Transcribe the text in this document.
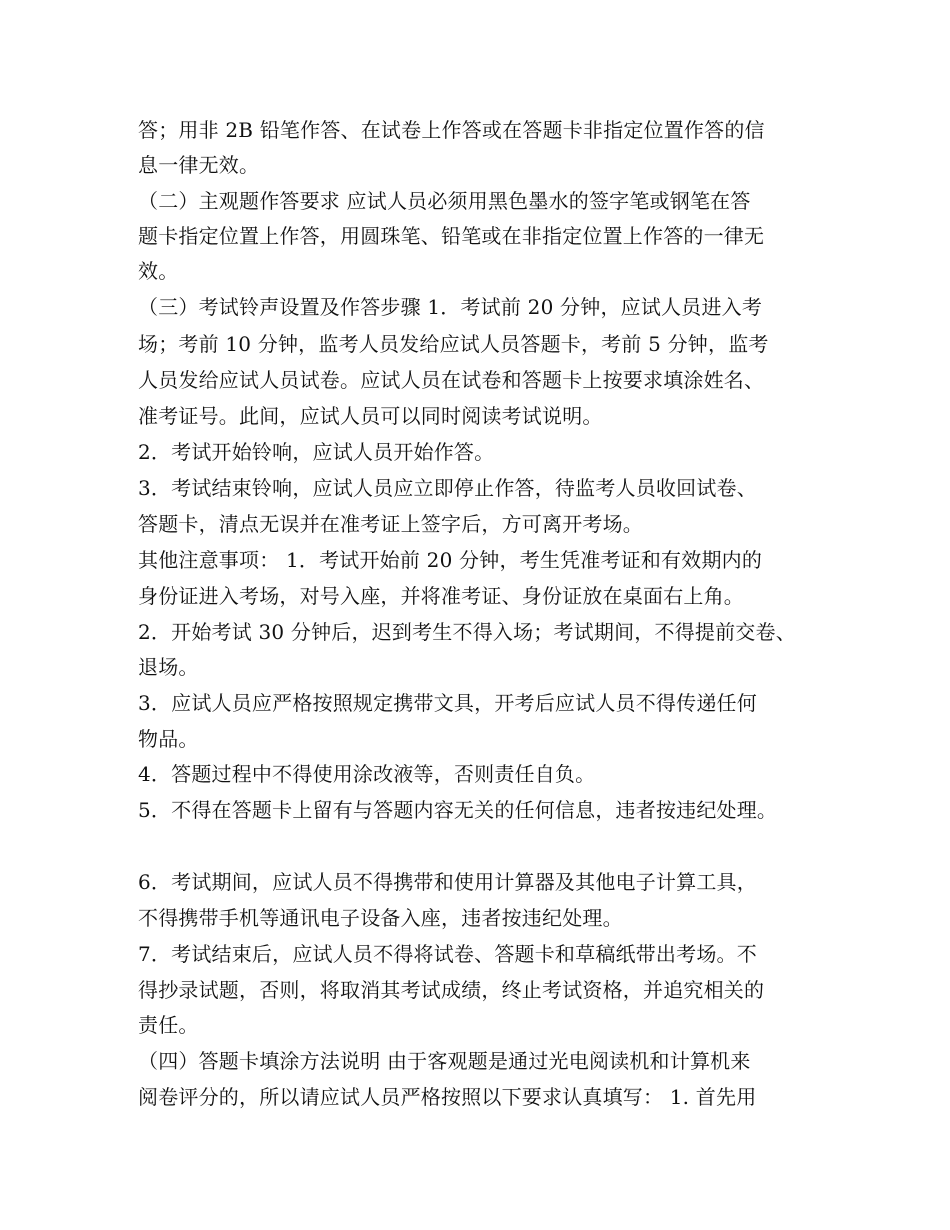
答；用非 2B 铅笔作答、在试卷上作答或在答题卡非指定位置作答的信
息一律无效。
（二）主观题作答要求 应试人员必须用黑色墨水的签字笔或钢笔在答
题卡指定位置上作答，用圆珠笔、铅笔或在非指定位置上作答的一律无
效。
（三）考试铃声设置及作答步骤 1．考试前 20 分钟，应试人员进入考
场；考前 10 分钟，监考人员发给应试人员答题卡，考前 5 分钟，监考
人员发给应试人员试卷。应试人员在试卷和答题卡上按要求填涂姓名、
准考证号。此间，应试人员可以同时阅读考试说明。
2．考试开始铃响，应试人员开始作答。
3．考试结束铃响，应试人员应立即停止作答，待监考人员收回试卷、
答题卡，清点无误并在准考证上签字后，方可离开考场。
其他注意事项： 1．考试开始前 20 分钟，考生凭准考证和有效期内的
身份证进入考场，对号入座，并将准考证、身份证放在桌面右上角。
2．开始考试 30 分钟后，迟到考生不得入场；考试期间，不得提前交卷、
退场。
3．应试人员应严格按照规定携带文具，开考后应试人员不得传递任何
物品。
4．答题过程中不得使用涂改液等，否则责任自负。
5．不得在答题卡上留有与答题内容无关的任何信息，违者按违纪处理。
6．考试期间，应试人员不得携带和使用计算器及其他电子计算工具，
不得携带手机等通讯电子设备入座，违者按违纪处理。
7．考试结束后，应试人员不得将试卷、答题卡和草稿纸带出考场。不
得抄录试题，否则，将取消其考试成绩，终止考试资格，并追究相关的
责任。
（四）答题卡填涂方法说明 由于客观题是通过光电阅读机和计算机来
阅卷评分的，所以请应试人员严格按照以下要求认真填写： 1. 首先用
